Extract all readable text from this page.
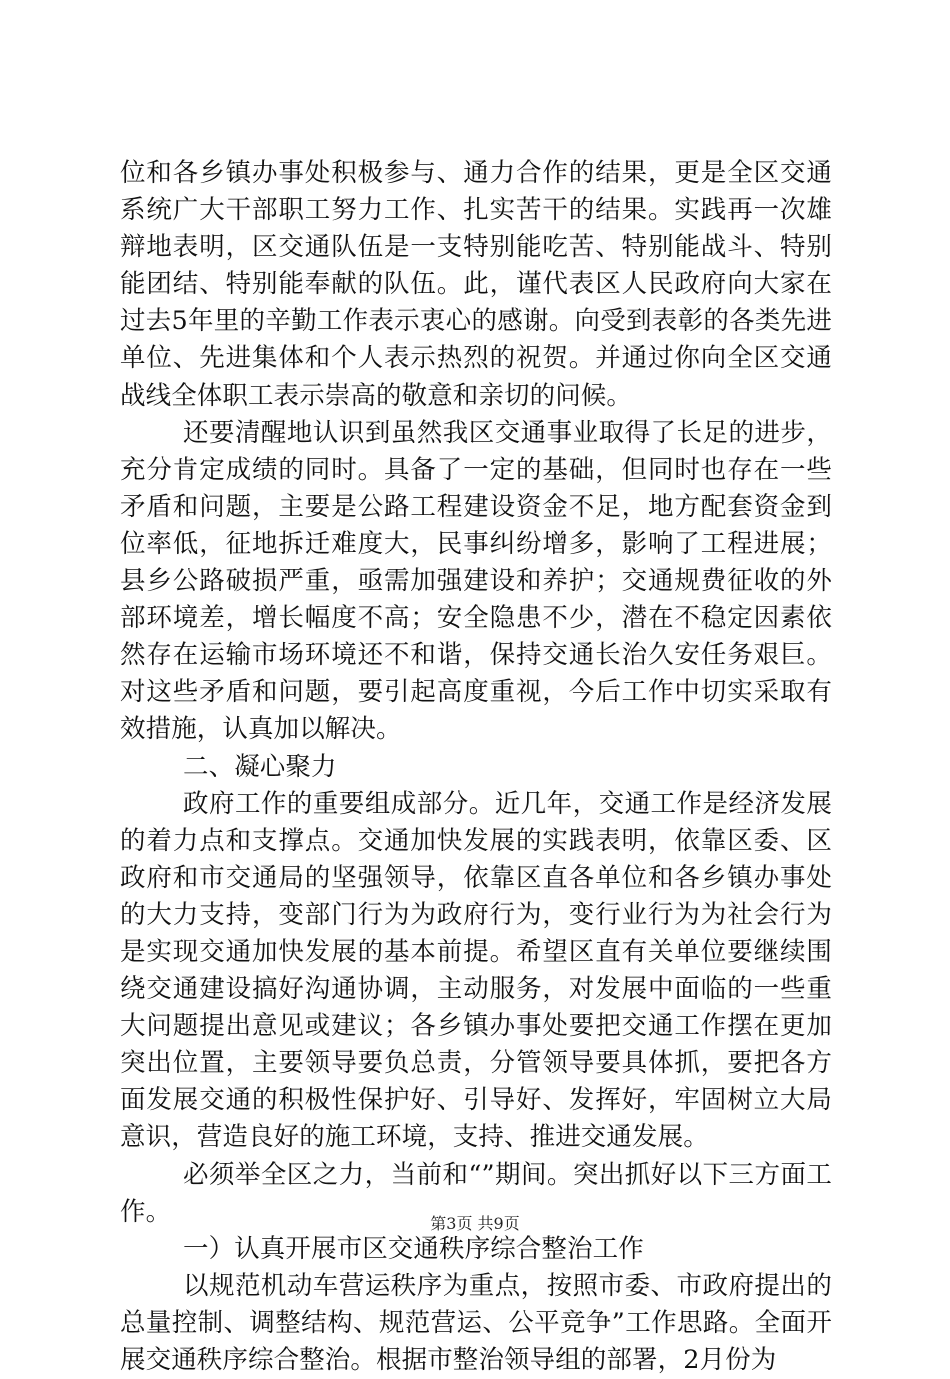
位和各乡镇办事处积极参与、通力合作的结果，更是全区交通系统广大干部职工努力工作、扎实苦干的结果。实践再一次雄辩地表明，区交通队伍是一支特别能吃苦、特别能战斗、特别能团结、特别能奉献的队伍。此，谨代表区人民政府向大家在过去5年里的辛勤工作表示衷心的感谢。向受到表彰的各类先进单位、先进集体和个人表示热烈的祝贺。并通过你向全区交通战线全体职工表示崇高的敬意和亲切的问候。

还要清醒地认识到虽然我区交通事业取得了长足的进步，充分肯定成绩的同时。具备了一定的基础，但同时也存在一些矛盾和问题，主要是公路工程建设资金不足，地方配套资金到位率低，征地拆迁难度大，民事纠纷增多，影响了工程进展；县乡公路破损严重，亟需加强建设和养护；交通规费征收的外部环境差，增长幅度不高；安全隐患不少，潜在不稳定因素依然存在运输市场环境还不和谐，保持交通长治久安任务艰巨。对这些矛盾和问题，要引起高度重视，今后工作中切实采取有效措施，认真加以解决。

二、凝心聚力

政府工作的重要组成部分。近几年，交通工作是经济发展的着力点和支撑点。交通加快发展的实践表明，依靠区委、区政府和市交通局的坚强领导，依靠区直各单位和各乡镇办事处的大力支持，变部门行为为政府行为，变行业行为为社会行为是实现交通加快发展的基本前提。希望区直有关单位要继续围绕交通建设搞好沟通协调，主动服务，对发展中面临的一些重大问题提出意见或建议；各乡镇办事处要把交通工作摆在更加突出位置，主要领导要负总责，分管领导要具体抓，要把各方面发展交通的积极性保护好、引导好、发挥好，牢固树立大局意识，营造良好的施工环境，支持、推进交通发展。

必须举全区之力，当前和“”期间。突出抓好以下三方面工作。

一）认真开展市区交通秩序综合整治工作

以规范机动车营运秩序为重点，按照市委、市政府提出的总量控制、调整结构、规范营运、公平竞争”工作思路。全面开展交通秩序综合整治。根据市整治领导组的部署，2月份为

第3页 共9页
